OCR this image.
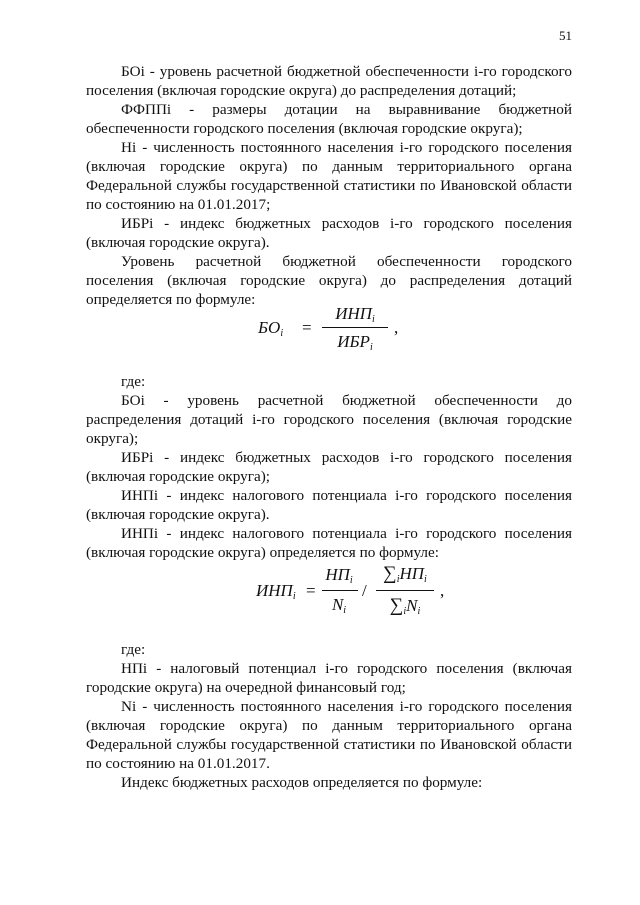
51

БОi - уровень расчетной бюджетной обеспеченности i-го городского поселения (включая городские округа) до распределения дотаций;

ФФППi - размеры дотации на выравнивание бюджетной обеспеченности городского поселения (включая городские округа);

Нi - численность постоянного населения i-го городского поселения (включая городские округа) по данным территориального органа Федеральной службы государственной статистики по Ивановской области по состоянию на 01.01.2017;

ИБРi - индекс бюджетных расходов i-го городского поселения (включая городские округа).

Уровень расчетной бюджетной обеспеченности городского поселения (включая городские округа) до распределения дотаций определяется по формуле:

$БО_i$ =
$ИНП_i$
$ИБР_i$
,

где:

БОi - уровень расчетной бюджетной обеспеченности до распределения дотаций i-го городского поселения (включая городские округа);

ИБРi - индекс бюджетных расходов i-го городского поселения (включая городские округа);

ИНПi - индекс налогового потенциала i-го городского поселения (включая городские округа).

ИНПi - индекс налогового потенциала i-го городского поселения (включая городские округа) определяется по формуле:

$ИНП_i$ =
$НП_i$
$N_i$
/
$\sum_iНП_i$
$\sum_iN_i$
,

где:

НПi - налоговый потенциал i-го городского поселения (включая городские округа) на очередной финансовый год;

Ni - численность постоянного населения i-го городского поселения (включая городские округа) по данным территориального органа Федеральной службы государственной статистики по Ивановской области по состоянию на 01.01.2017.

Индекс бюджетных расходов определяется по формуле:
